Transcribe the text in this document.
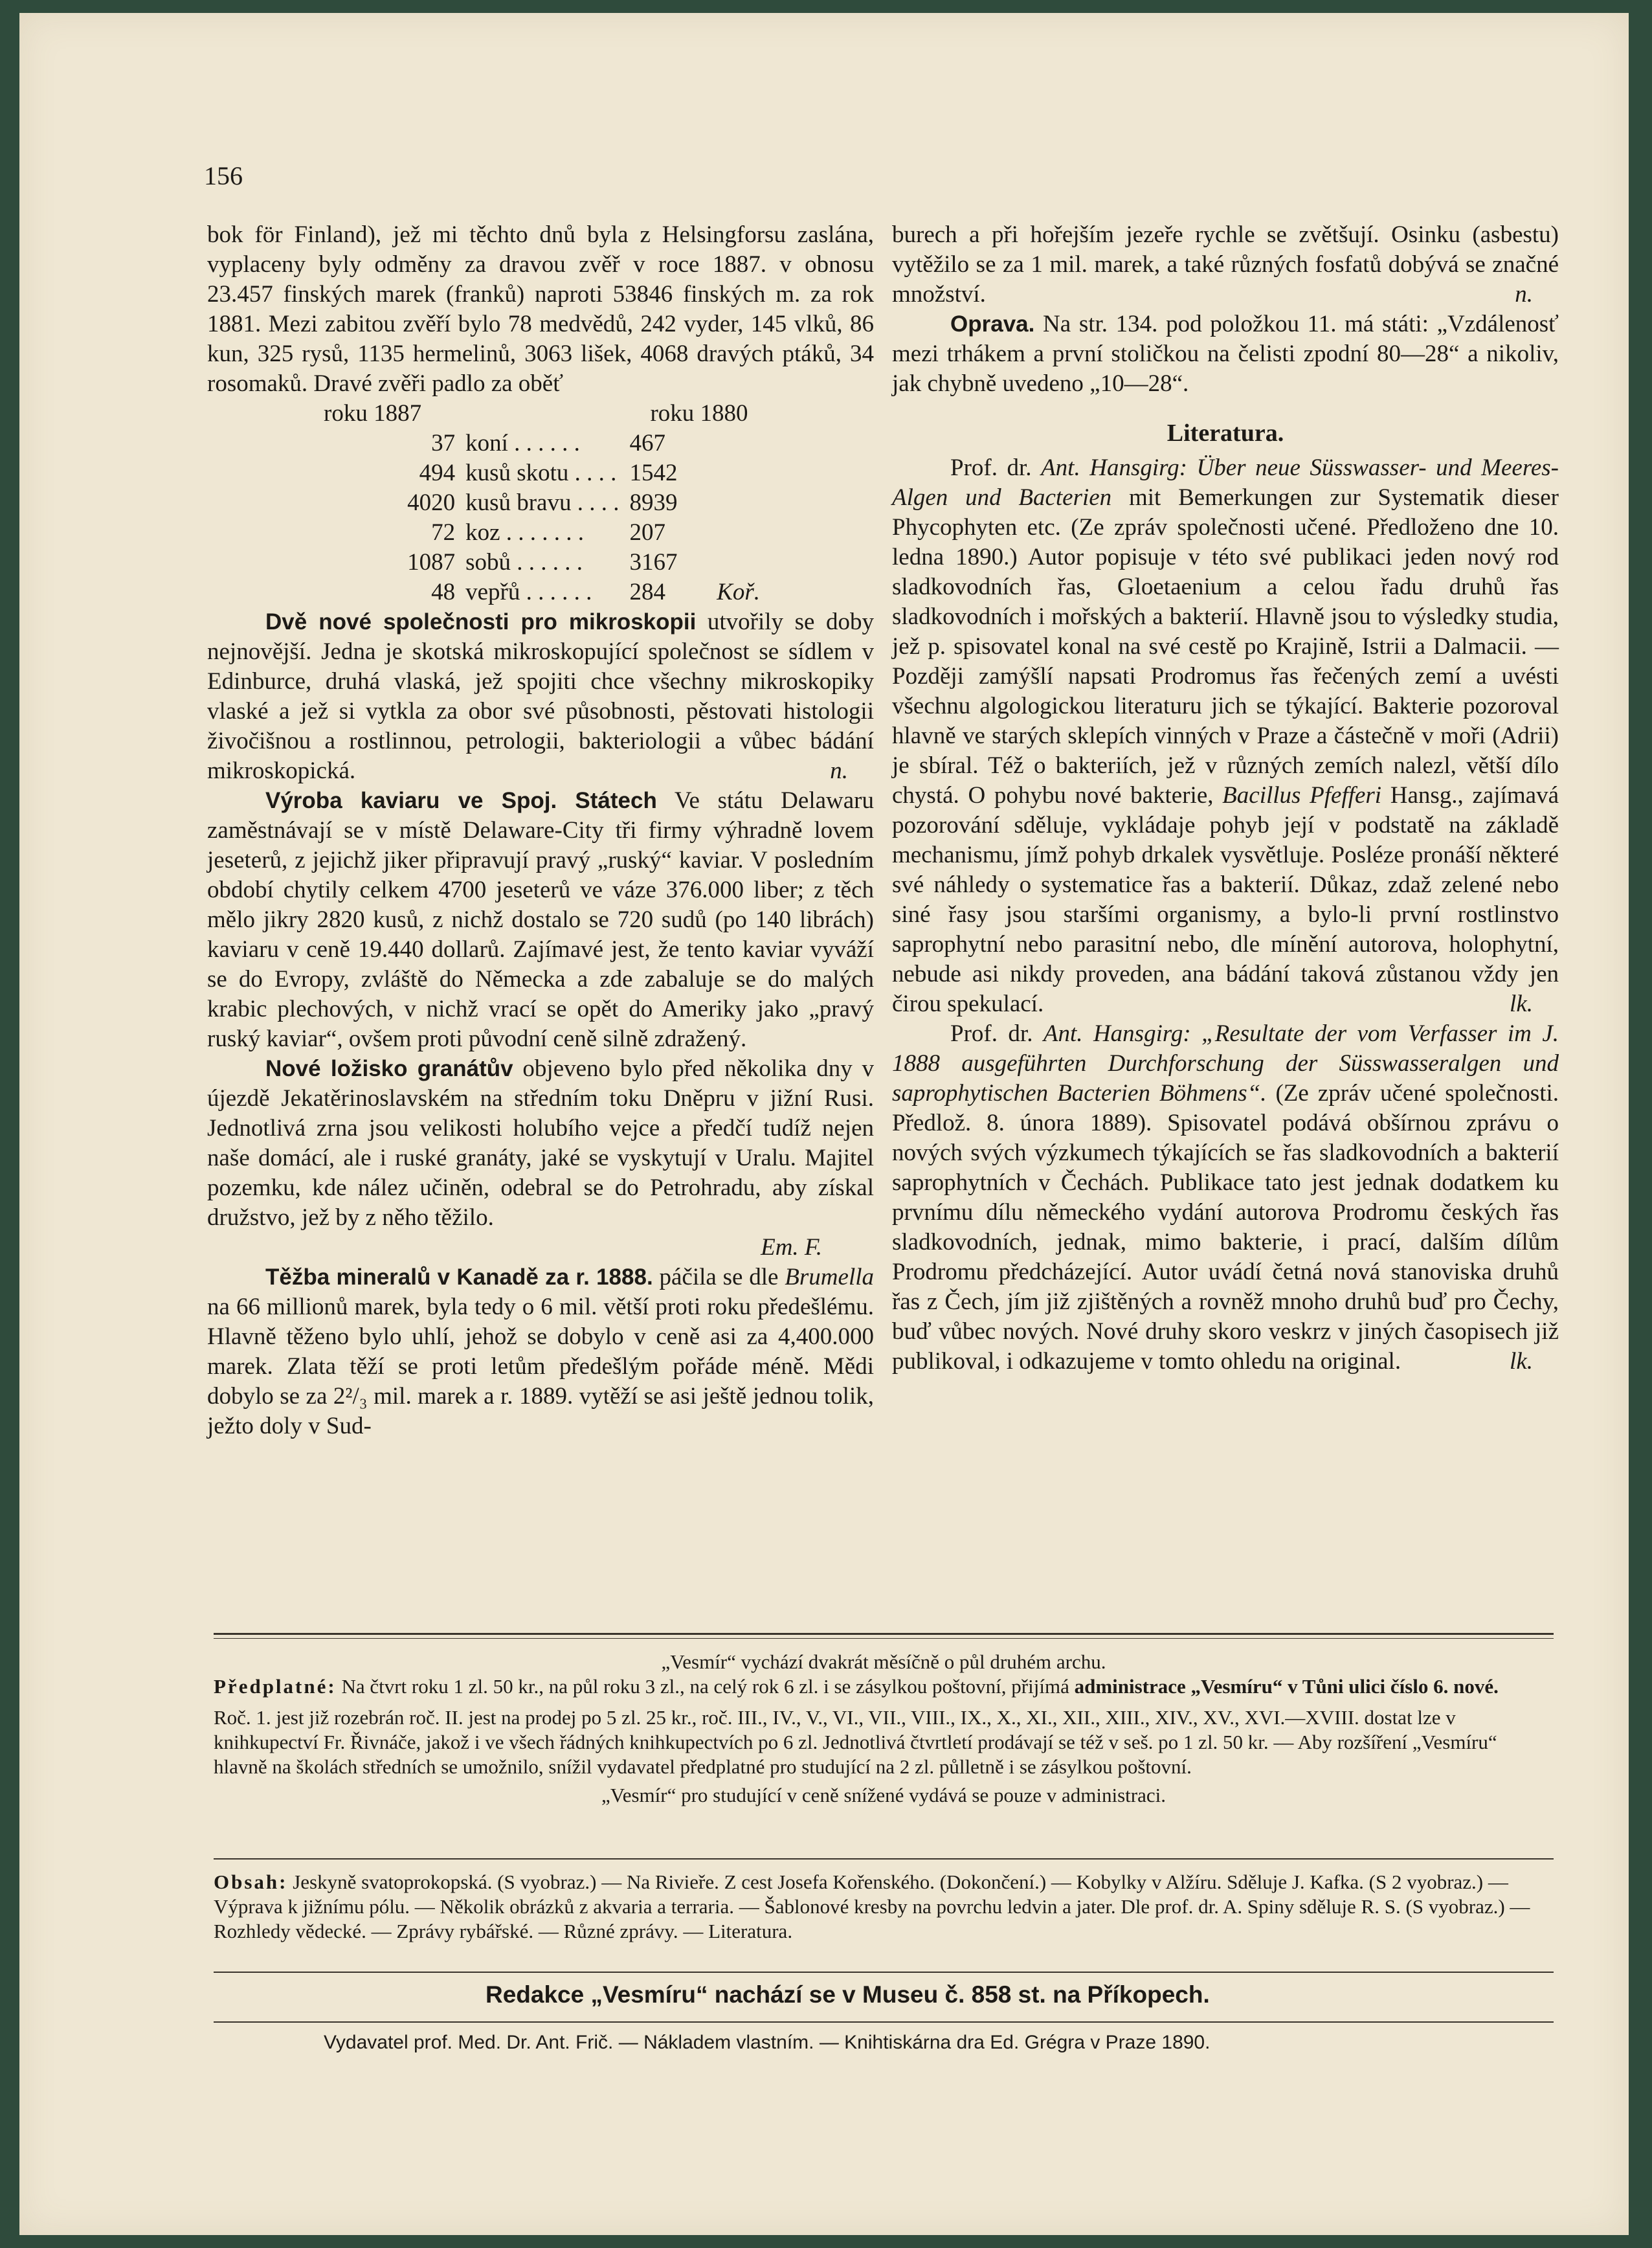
156

bok för Finland), jež mi těchto dnů byla z Helsingforsu zaslána, vyplaceny byly odměny za dravou zvěř v roce 1887. v obnosu 23.457 finských marek (franků) naproti 53846 finských m. za rok 1881. Mezi zabitou zvěří bylo 78 medvědů, 242 vyder, 145 vlků, 86 kun, 325 rysů, 1135 hermelinů, 3063 lišek, 4068 dravých ptáků, 34 rosomaků. Dravé zvěři padlo za oběť

roku 1887		roku 1880
37	koní . . . . . .	467
494	kusů skotu . . . .	1542
4020	kusů bravu . . . .	8939
72	koz . . . . . . .	207
1087	sobů . . . . . .	3167
48	vepřů . . . . . .	284 Koř.

Dvě nové společnosti pro mikroskopii utvořily se doby nejnovější. Jedna je skotská mikroskopující společnost se sídlem v Edinburce, druhá vlaská, jež spojiti chce všechny mikroskopiky vlaské a jež si vytkla za obor své působnosti, pěstovati histologii živočišnou a rostlinnou, petrologii, bakteriologii a vůbec bádání mikroskopická.	n.

Výroba kaviaru ve Spoj. Státech Ve státu Delawaru zaměstnávají se v místě Delaware-City tři firmy výhradně lovem jeseterů, z jejichž jiker připravují pravý „ruský“ kaviar. V posledním období chytily celkem 4700 jeseterů ve váze 376.000 liber; z těch mělo jikry 2820 kusů, z nichž dostalo se 720 sudů (po 140 librách) kaviaru v ceně 19.440 dollarů. Zajímavé jest, že tento kaviar vyváží se do Evropy, zvláště do Německa a zde zabaluje se do malých krabic plechových, v nichž vrací se opět do Ameriky jako „pravý ruský kaviar“, ovšem proti původní ceně silně zdražený.

Nové ložisko granátův objeveno bylo před několika dny v újezdě Jekatěrinoslavském na středním toku Dněpru v jižní Rusi. Jednotlivá zrna jsou velikosti holubího vejce a předčí tudíž nejen naše domácí, ale i ruské granáty, jaké se vyskytují v Uralu. Majitel pozemku, kde nález učiněn, odebral se do Petrohradu, aby získal družstvo, jež by z něho těžilo.

Em. F.

Těžba mineralů v Kanadě za r. 1888. páčila se dle Brumella na 66 millionů marek, byla tedy o 6 mil. větší proti roku předešlému. Hlavně těženo bylo uhlí, jehož se dobylo v ceně asi za 4,400.000 marek. Zlata těží se proti letům předešlým pořáde méně. Mědi dobylo se za 2²/₃ mil. marek a r. 1889. vytěží se asi ještě jednou tolik, ježto doly v Sud-

burech a při hořejším jezeře rychle se zvětšují. Osinku (asbestu) vytěžilo se za 1 mil. marek, a také různých fosfatů dobývá se značné množství.	n.

Oprava. Na str. 134. pod položkou 11. má státi: „Vzdálenosť mezi trhákem a první stoličkou na čelisti zpodní 80—28“ a nikoliv, jak chybně uvedeno „10—28“.

Literatura.

Prof. dr. Ant. Hansgirg: Über neue Süsswasser- und Meeres-Algen und Bacterien mit Bemerkungen zur Systematik dieser Phycophyten etc. (Ze zpráv společnosti učené. Předloženo dne 10. ledna 1890.) Autor popisuje v této své publikaci jeden nový rod sladkovodních řas, Gloetaenium a celou řadu druhů řas sladkovodních i mořských a bakterií. Hlavně jsou to výsledky studia, jež p. spisovatel konal na své cestě po Krajině, Istrii a Dalmacii. — Později zamýšlí napsati Prodromus řas řečených zemí a uvésti všechnu algologickou literaturu jich se týkající. Bakterie pozoroval hlavně ve starých sklepích vinných v Praze a částečně v moři (Adrii) je sbíral. Též o bakteriích, jež v různých zemích nalezl, větší dílo chystá. O pohybu nové bakterie, Bacillus Pfefferi Hansg., zajímavá pozorování sděluje, vykládaje pohyb její v podstatě na základě mechanismu, jímž pohyb drkalek vysvětluje. Posléze pronáší některé své náhledy o systematice řas a bakterií. Důkaz, zdaž zelené nebo siné řasy jsou staršími organismy, a bylo-li první rostlinstvo saprophytní nebo parasitní nebo, dle mínění autorova, holophytní, nebude asi nikdy proveden, ana bádání taková zůstanou vždy jen čirou spekulací.	lk.

Prof. dr. Ant. Hansgirg: „Resultate der vom Verfasser im J. 1888 ausgeführten Durchforschung der Süsswasseralgen und saprophytischen Bacterien Böhmens“. (Ze zpráv učené společnosti. Předlož. 8. února 1889). Spisovatel podává obšírnou zprávu o nových svých výzkumech týkajících se řas sladkovodních a bakterií saprophytních v Čechách. Publikace tato jest jednak dodatkem ku prvnímu dílu německého vydání autorova Prodromu českých řas sladkovodních, jednak, mimo bakterie, i prací, dalším dílům Prodromu předcházející. Autor uvádí četná nová stanoviska druhů řas z Čech, jím již zjištěných a rovněž mnoho druhů buď pro Čechy, buď vůbec nových. Nové druhy skoro veskrz v jiných časopisech již publikoval, i odkazujeme v tomto ohledu na original.	lk.

„Vesmír“ vychází dvakrát měsíčně o půl druhém archu.
Předplatné: Na čtvrt roku 1 zl. 50 kr., na půl roku 3 zl., na celý rok 6 zl. i se zásylkou poštovní, přijímá administrace „Vesmíru“ v Tůni ulici číslo 6. nové.
Roč. 1. jest již rozebrán roč. II. jest na prodej po 5 zl. 25 kr., roč. III., IV., V., VI., VII., VIII., IX., X., XI., XII., XIII., XIV., XV., XVI.—XVIII. dostat lze v knihkupectví Fr. Řivnáče, jakož i ve všech řádných knihkupectvích po 6 zl. Jednotlivá čtvrtletí prodávají se též v seš. po 1 zl. 50 kr. — Aby rozšíření „Vesmíru“ hlavně na školách středních se umožnilo, snížil vydavatel předplatné pro studující na 2 zl. půlletně i se zásylkou poštovní.
„Vesmír“ pro studující v ceně snížené vydává se pouze v administraci.
Obsah: Jeskyně svatoprokopská. (S vyobraz.) — Na Rivieře. Z cest Josefa Kořenského. (Dokončení.) — Kobylky v Alžíru. Sděluje J. Kafka. (S 2 vyobraz.) — Výprava k jižnímu pólu. — Několik obrázků z akvaria a terraria. — Šablonové kresby na povrchu ledvin a jater. Dle prof. dr. A. Spiny sděluje R. S. (S vyobraz.) — Rozhledy vědecké. — Zprávy rybářské. — Různé zprávy. — Literatura.
Redakce „Vesmíru“ nachází se v Museu č. 858 st. na Příkopech.
Vydavatel prof. Med. Dr. Ant. Frič. — Nákladem vlastním. — Knihtiskárna dra Ed. Grégra v Praze 1890.
